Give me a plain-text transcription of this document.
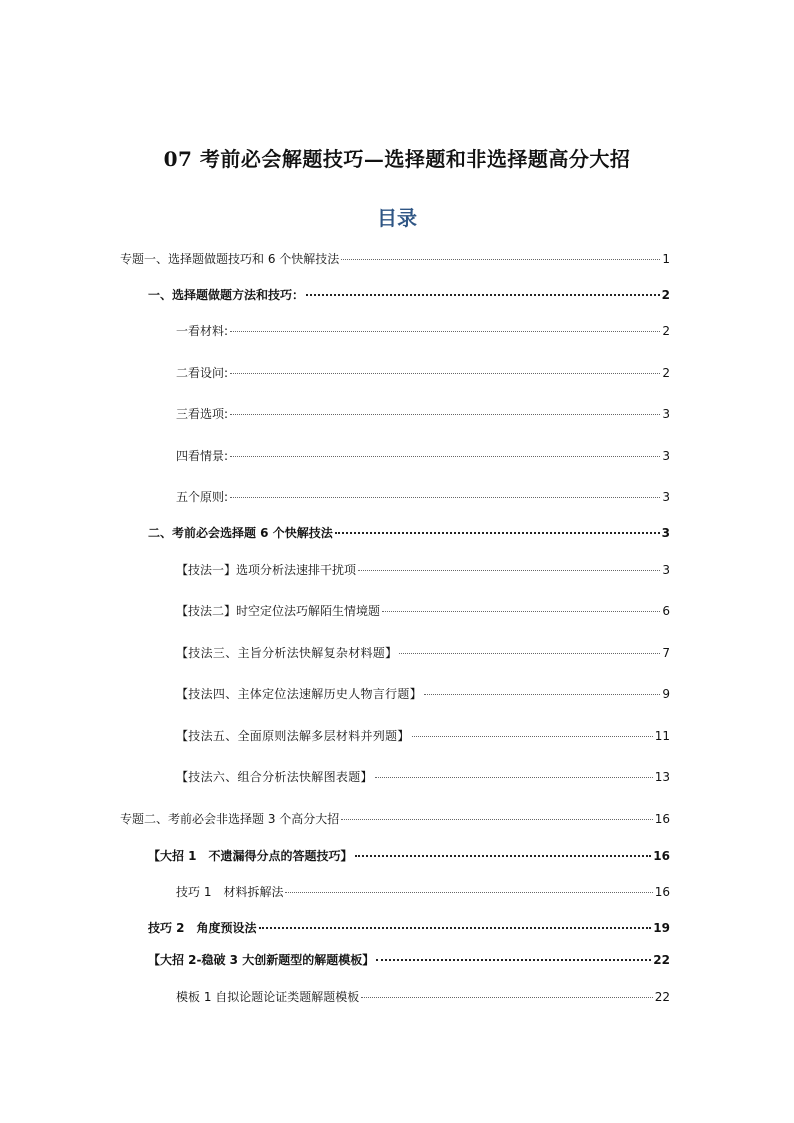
07 考前必会解题技巧—选择题和非选择题高分大招
目录
专题一、选择题做题技巧和 6 个快解技法	1
一、选择题做题方法和技巧：	2
一看材料:	2
二看设问:	2
三看选项:	3
四看情景:	3
五个原则:	3
二、考前必会选择题 6 个快解技法	3
【技法一】选项分析法速排干扰项	3
【技法二】时空定位法巧解陌生情境题	6
【技法三、主旨分析法快解复杂材料题】	7
【技法四、主体定位法速解历史人物言行题】	9
【技法五、全面原则法解多层材料并列题】	11
【技法六、组合分析法快解图表题】	13
专题二、考前必会非选择题 3 个高分大招	16
【大招 1　不遗漏得分点的答题技巧】	16
技巧 1　材料拆解法	16
技巧 2　角度预设法	19
【大招 2-稳破 3 大创新题型的解题模板】	22
模板 1 自拟论题论证类题解题模板	22
